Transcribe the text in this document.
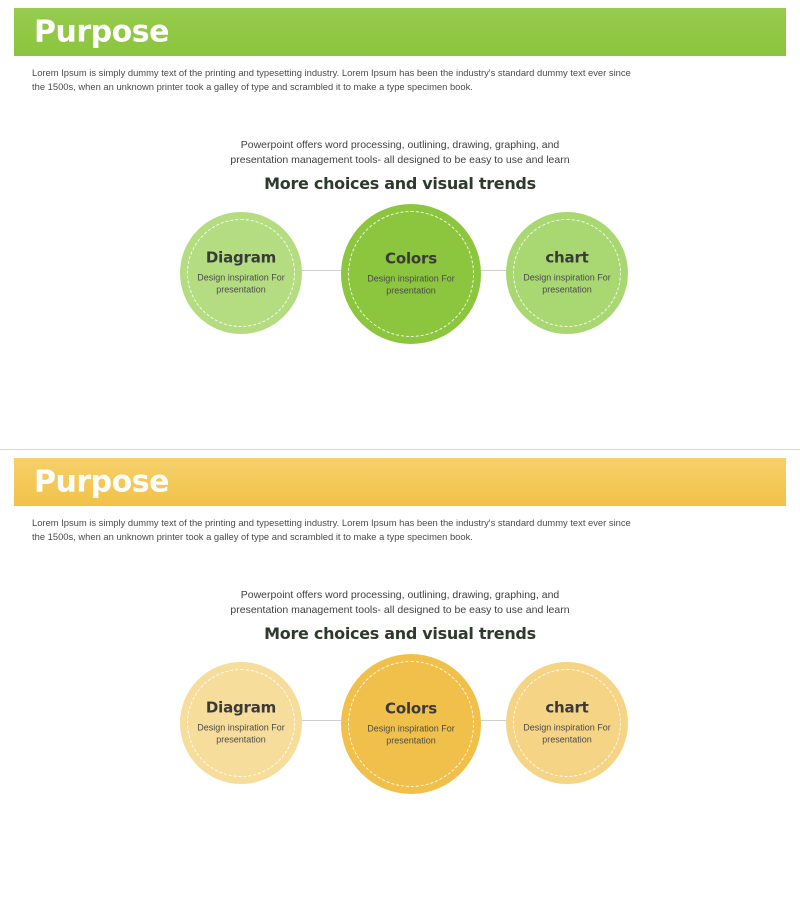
Purpose
Lorem Ipsum is simply dummy text of the printing and typesetting industry. Lorem Ipsum has been the industry's standard dummy text ever since the 1500s, when an unknown printer took a galley of type and scrambled it to make a type specimen book.
Powerpoint offers word processing, outlining, drawing, graphing, and
presentation management tools- all designed to be easy to use and learn
More choices and visual trends
Diagram
Design inspiration For presentation
Colors
Design inspiration For presentation
chart
Design inspiration For presentation
Purpose
Lorem Ipsum is simply dummy text of the printing and typesetting industry. Lorem Ipsum has been the industry's standard dummy text ever since the 1500s, when an unknown printer took a galley of type and scrambled it to make a type specimen book.
Powerpoint offers word processing, outlining, drawing, graphing, and
presentation management tools- all designed to be easy to use and learn
More choices and visual trends
Diagram
Design inspiration For presentation
Colors
Design inspiration For presentation
chart
Design inspiration For presentation
